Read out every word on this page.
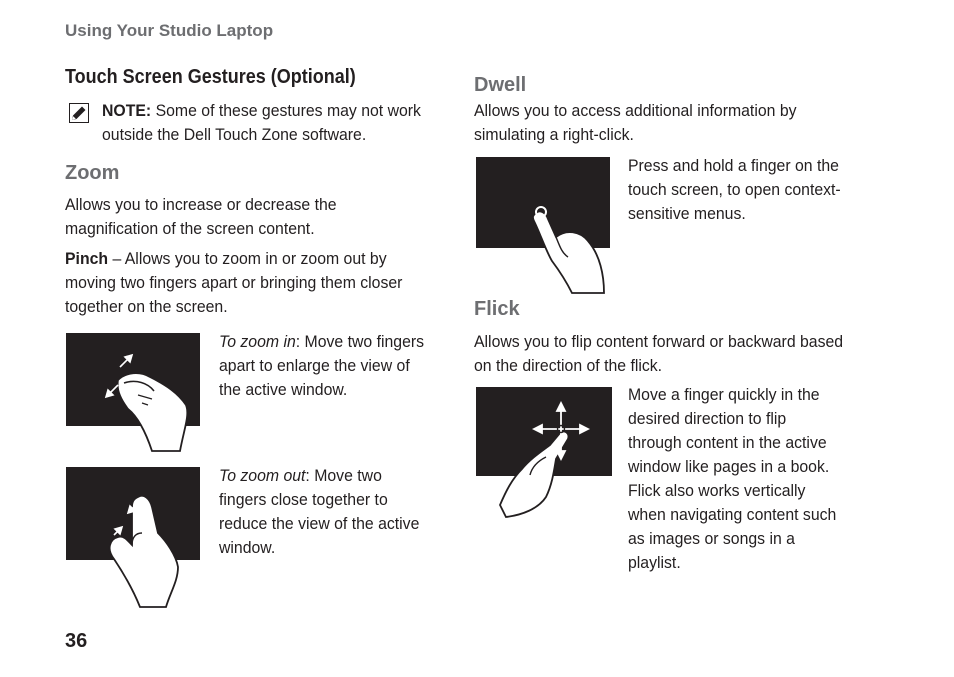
Using Your Studio Laptop
Touch Screen Gestures (Optional)
NOTE: Some of these gestures may not work outside the Dell Touch Zone software.
Zoom
Allows you to increase or decrease the magnification of the screen content.
Pinch – Allows you to zoom in or zoom out by moving two fingers apart or bringing them closer together on the screen.
To zoom in: Move two fingers apart to enlarge the view of the active window.
To zoom out: Move two fingers close together to reduce the view of the active window.
Dwell
Allows you to access additional information by simulating a right-click.
Press and hold a finger on the touch screen, to open context-sensitive menus.
Flick
Allows you to flip content forward or backward based on the direction of the flick.
Move a finger quickly in the desired direction to flip through content in the active window like pages in a book. Flick also works vertically when navigating content such as images or songs in a playlist.
36
